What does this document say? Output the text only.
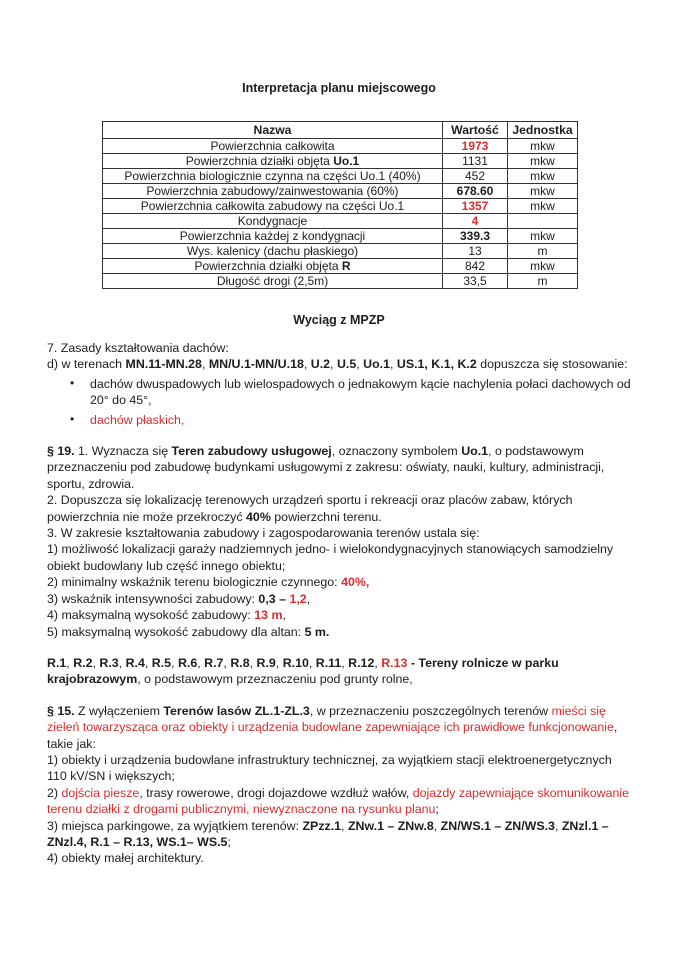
Interpretacja planu miejscowego
Nazwa	Wartość	Jednostka
Powierzchnia całkowita	1973	mkw
Powierzchnia działki objęta Uo.1	1131	mkw
Powierzchnia biologicznie czynna na części Uo.1 (40%)	452	mkw
Powierzchnia zabudowy/zainwestowania (60%)	678.60	mkw
Powierzchnia całkowita zabudowy na części Uo.1	1357	mkw
Kondygnacje	4	
Powierzchnia każdej z kondygnacji	339.3	mkw
Wys. kalenicy (dachu płaskiego)	13	m
Powierzchnia działki objęta R	842	mkw
Długość drogi (2,5m)	33,5	m
Wyciąg z MPZP
7. Zasady kształtowania dachów:
d) w terenach MN.11-MN.28, MN/U.1-MN/U.18, U.2, U.5, Uo.1, US.1, K.1, K.2 dopuszcza się stosowanie:
• dachów dwuspadowych lub wielospadowych o jednakowym kącie nachylenia połaci dachowych od 20° do 45°,
• dachów płaskich,
§ 19. 1. Wyznacza się Teren zabudowy usługowej, oznaczony symbolem Uo.1, o podstawowym przeznaczeniu pod zabudowę budynkami usługowymi z zakresu: oświaty, nauki, kultury, administracji, sportu, zdrowia.
2. Dopuszcza się lokalizację terenowych urządzeń sportu i rekreacji oraz placów zabaw, których powierzchnia nie może przekroczyć 40% powierzchni terenu.
3. W zakresie kształtowania zabudowy i zagospodarowania terenów ustala się:
1) możliwość lokalizacji garaży nadziemnych jedno- i wielokondygnacyjnych stanowiących samodzielny obiekt budowlany lub część innego obiektu;
2) minimalny wskaźnik terenu biologicznie czynnego: 40%,
3) wskaźnik intensywności zabudowy: 0,3 – 1,2,
4) maksymalną wysokość zabudowy: 13 m,
5) maksymalną wysokość zabudowy dla altan: 5 m.
R.1, R.2, R.3, R.4, R.5, R.6, R.7, R.8, R.9, R.10, R.11, R.12, R.13 - Tereny rolnicze w parku krajobrazowym, o podstawowym przeznaczeniu pod grunty rolne,
§ 15. Z wyłączeniem Terenów lasów ZL.1-ZL.3, w przeznaczeniu poszczególnych terenów mieści się zieleń towarzysząca oraz obiekty i urządzenia budowlane zapewniające ich prawidłowe funkcjonowanie, takie jak:
1) obiekty i urządzenia budowlane infrastruktury technicznej, za wyjątkiem stacji elektroenergetycznych 110 kV/SN i większych;
2) dojścia piesze, trasy rowerowe, drogi dojazdowe wzdłuż wałów, dojazdy zapewniające skomunikowanie terenu działki z drogami publicznymi, niewyznaczone na rysunku planu;
3) miejsca parkingowe, za wyjątkiem terenów: ZPzz.1, ZNw.1 – ZNw.8, ZN/WS.1 – ZN/WS.3, ZNzl.1 – ZNzl.4, R.1 – R.13, WS.1– WS.5;
4) obiekty małej architektury.
